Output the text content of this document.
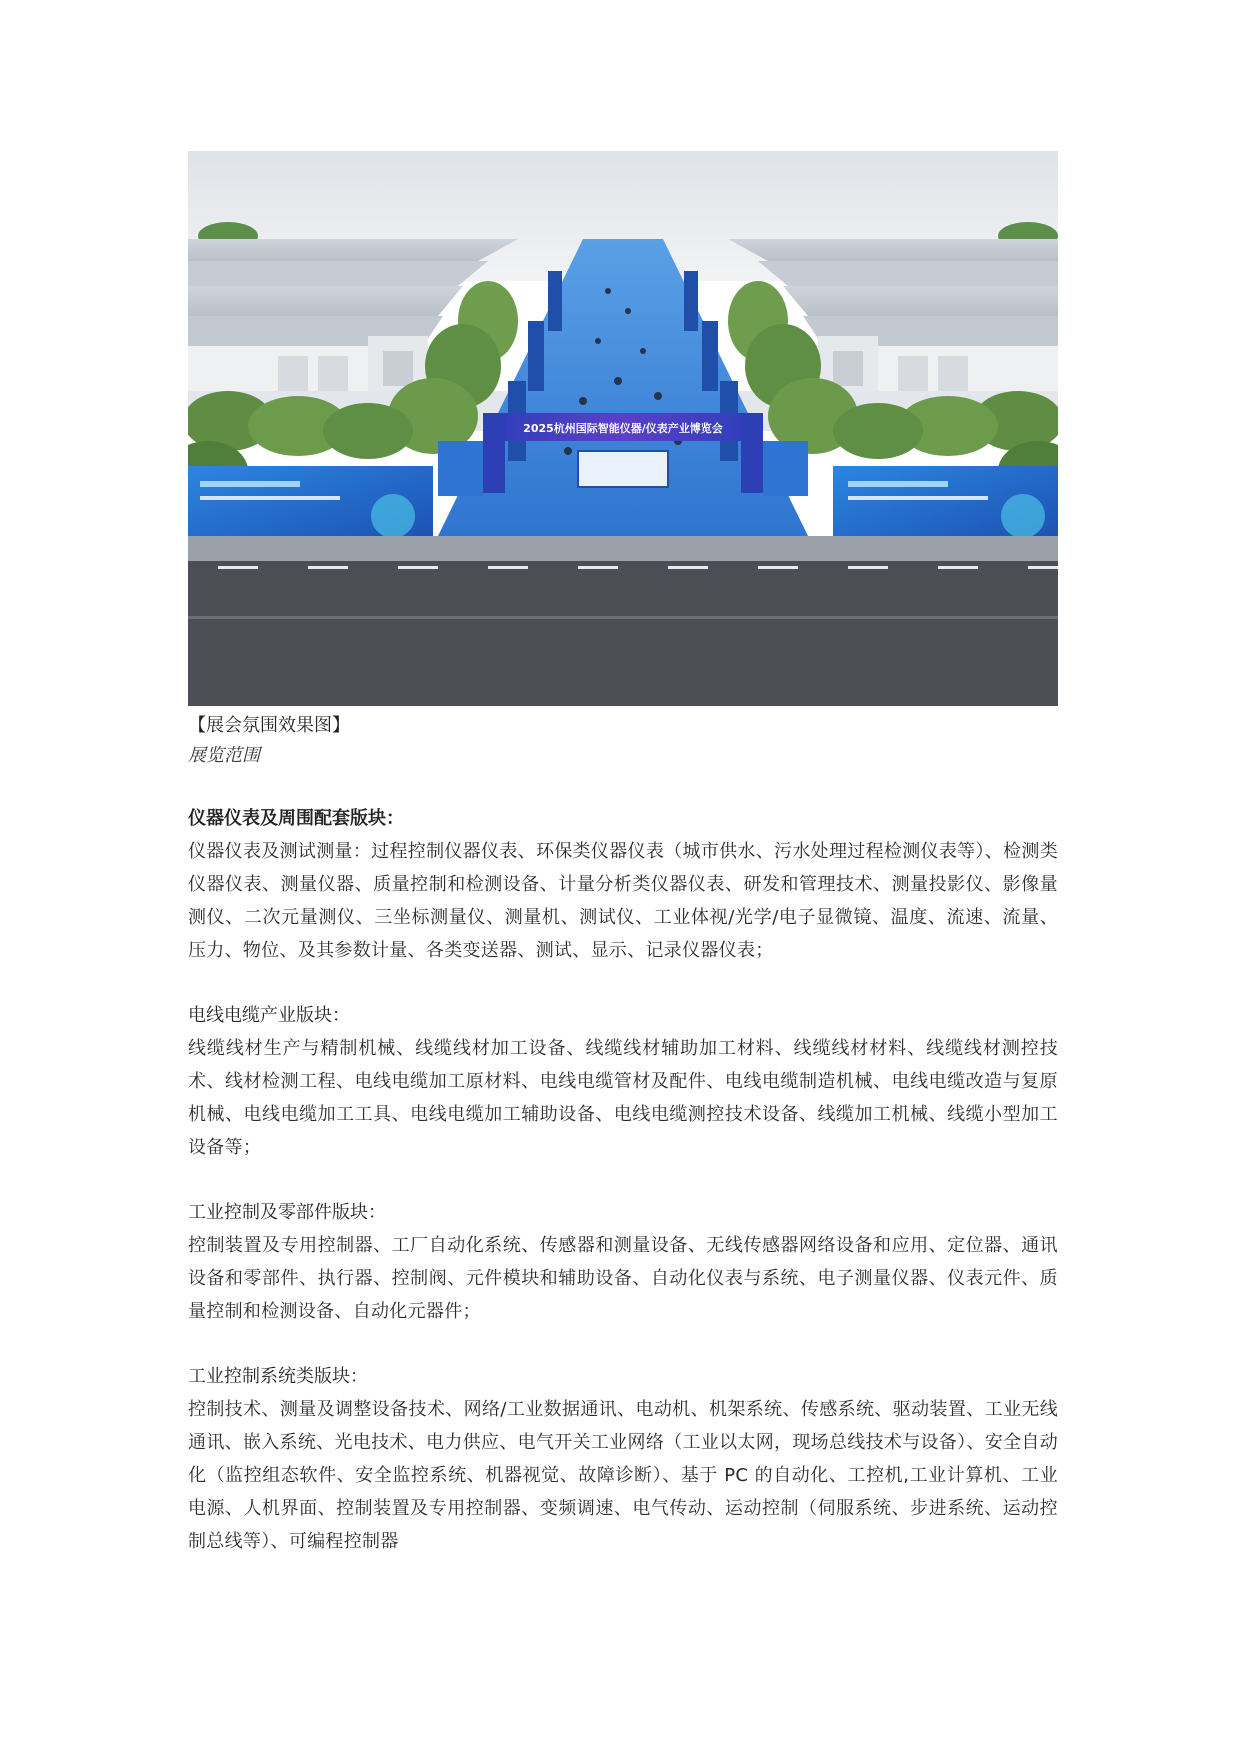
2025杭州国际智能仪器/仪表产业博览会
【展会氛围效果图】
展览范围
仪器仪表及周围配套版块：
仪器仪表及测试测量：过程控制仪器仪表、环保类仪器仪表（城市供水、污水处理过程检测仪表等）、检测类仪器仪表、测量仪器、质量控制和检测设备、计量分析类仪器仪表、研发和管理技术、测量投影仪、影像量测仪、二次元量测仪、三坐标测量仪、测量机、测试仪、工业体视/光学/电子显微镜、温度、流速、流量、压力、物位、及其参数计量、各类变送器、测试、显示、记录仪器仪表；
电线电缆产业版块：
线缆线材生产与精制机械、线缆线材加工设备、线缆线材辅助加工材料、线缆线材材料、线缆线材测控技术、线材检测工程、电线电缆加工原材料、电线电缆管材及配件、电线电缆制造机械、电线电缆改造与复原机械、电线电缆加工工具、电线电缆加工辅助设备、电线电缆测控技术设备、线缆加工机械、线缆小型加工设备等；
工业控制及零部件版块：
控制装置及专用控制器、工厂自动化系统、传感器和测量设备、无线传感器网络设备和应用、定位器、通讯设备和零部件、执行器、控制阀、元件模块和辅助设备、自动化仪表与系统、电子测量仪器、仪表元件、质量控制和检测设备、自动化元器件；
工业控制系统类版块：
控制技术、测量及调整设备技术、网络/工业数据通讯、电动机、机架系统、传感系统、驱动装置、工业无线通讯、嵌入系统、光电技术、电力供应、电气开关工业网络（工业以太网，现场总线技术与设备）、安全自动化（监控组态软件、安全监控系统、机器视觉、故障诊断）、基于 PC 的自动化、工控机,工业计算机、工业电源、人机界面、控制装置及专用控制器、变频调速、电气传动、运动控制（伺服系统、步进系统、运动控制总线等）、可编程控制器
